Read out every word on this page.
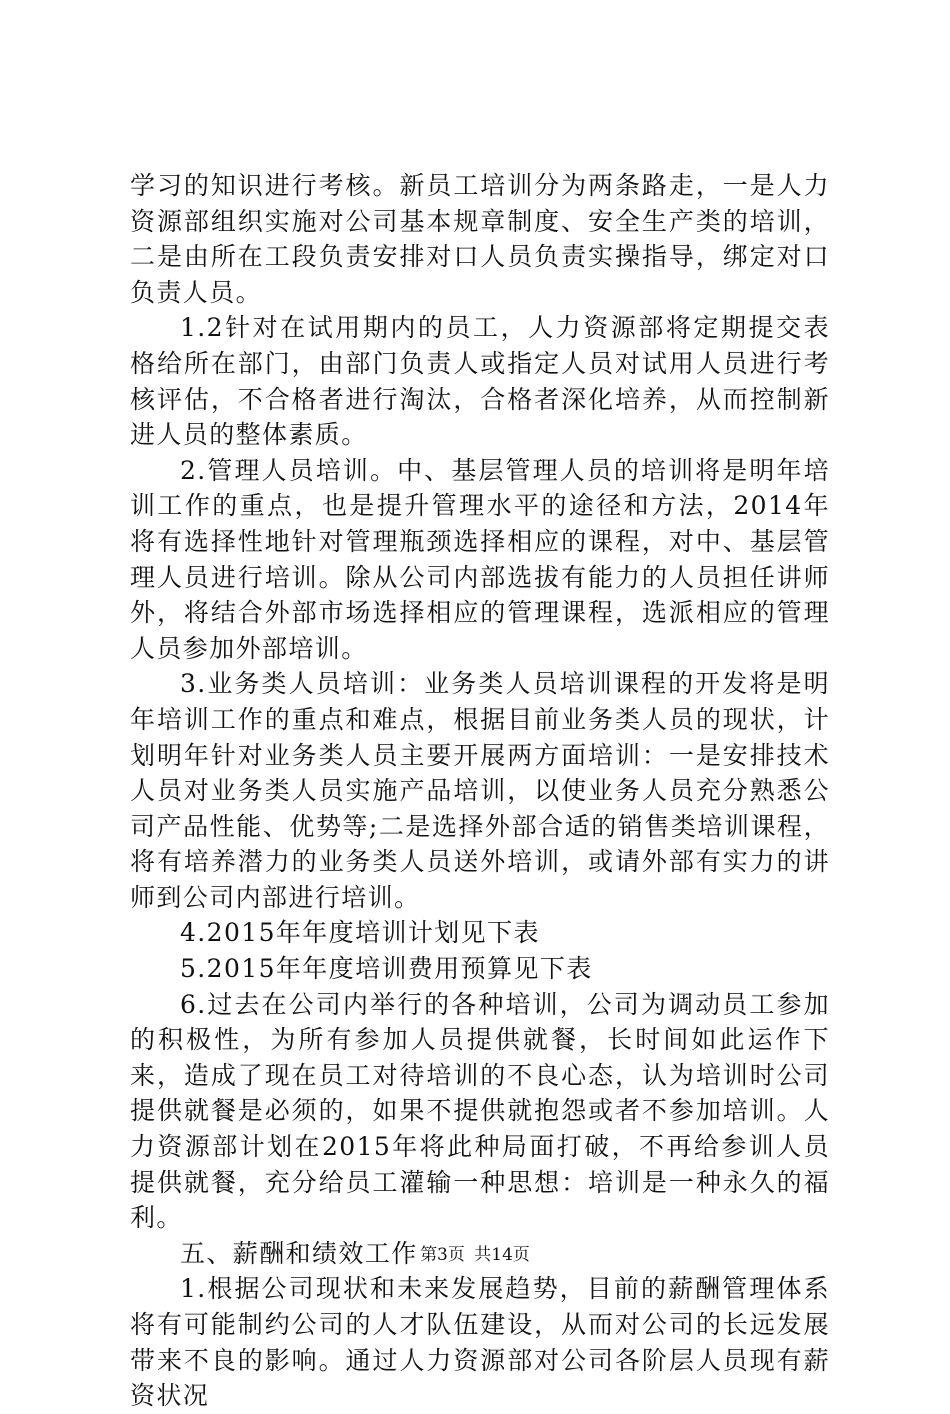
学习的知识进行考核。新员工培训分为两条路走，一是人力资源部组织实施对公司基本规章制度、安全生产类的培训，二是由所在工段负责安排对口人员负责实操指导，绑定对口负责人员。

1.2针对在试用期内的员工，人力资源部将定期提交表格给所在部门，由部门负责人或指定人员对试用人员进行考核评估，不合格者进行淘汰，合格者深化培养，从而控制新进人员的整体素质。

2.管理人员培训。中、基层管理人员的培训将是明年培训工作的重点，也是提升管理水平的途径和方法，2014年将有选择性地针对管理瓶颈选择相应的课程，对中、基层管理人员进行培训。除从公司内部选拔有能力的人员担任讲师外，将结合外部市场选择相应的管理课程，选派相应的管理人员参加外部培训。

3.业务类人员培训：业务类人员培训课程的开发将是明年培训工作的重点和难点，根据目前业务类人员的现状，计划明年针对业务类人员主要开展两方面培训：一是安排技术人员对业务类人员实施产品培训，以使业务人员充分熟悉公司产品性能、优势等;二是选择外部合适的销售类培训课程，将有培养潜力的业务类人员送外培训，或请外部有实力的讲师到公司内部进行培训。

4.2015年年度培训计划见下表

5.2015年年度培训费用预算见下表

6.过去在公司内举行的各种培训，公司为调动员工参加的积极性，为所有参加人员提供就餐，长时间如此运作下来，造成了现在员工对待培训的不良心态，认为培训时公司提供就餐是必须的，如果不提供就抱怨或者不参加培训。人力资源部计划在2015年将此种局面打破，不再给参训人员提供就餐，充分给员工灌输一种思想：培训是一种永久的福利。

五、薪酬和绩效工作

1.根据公司现状和未来发展趋势，目前的薪酬管理体系将有可能制约公司的人才队伍建设，从而对公司的长远发展带来不良的影响。通过人力资源部对公司各阶层人员现有薪资状况

第3页 共14页
